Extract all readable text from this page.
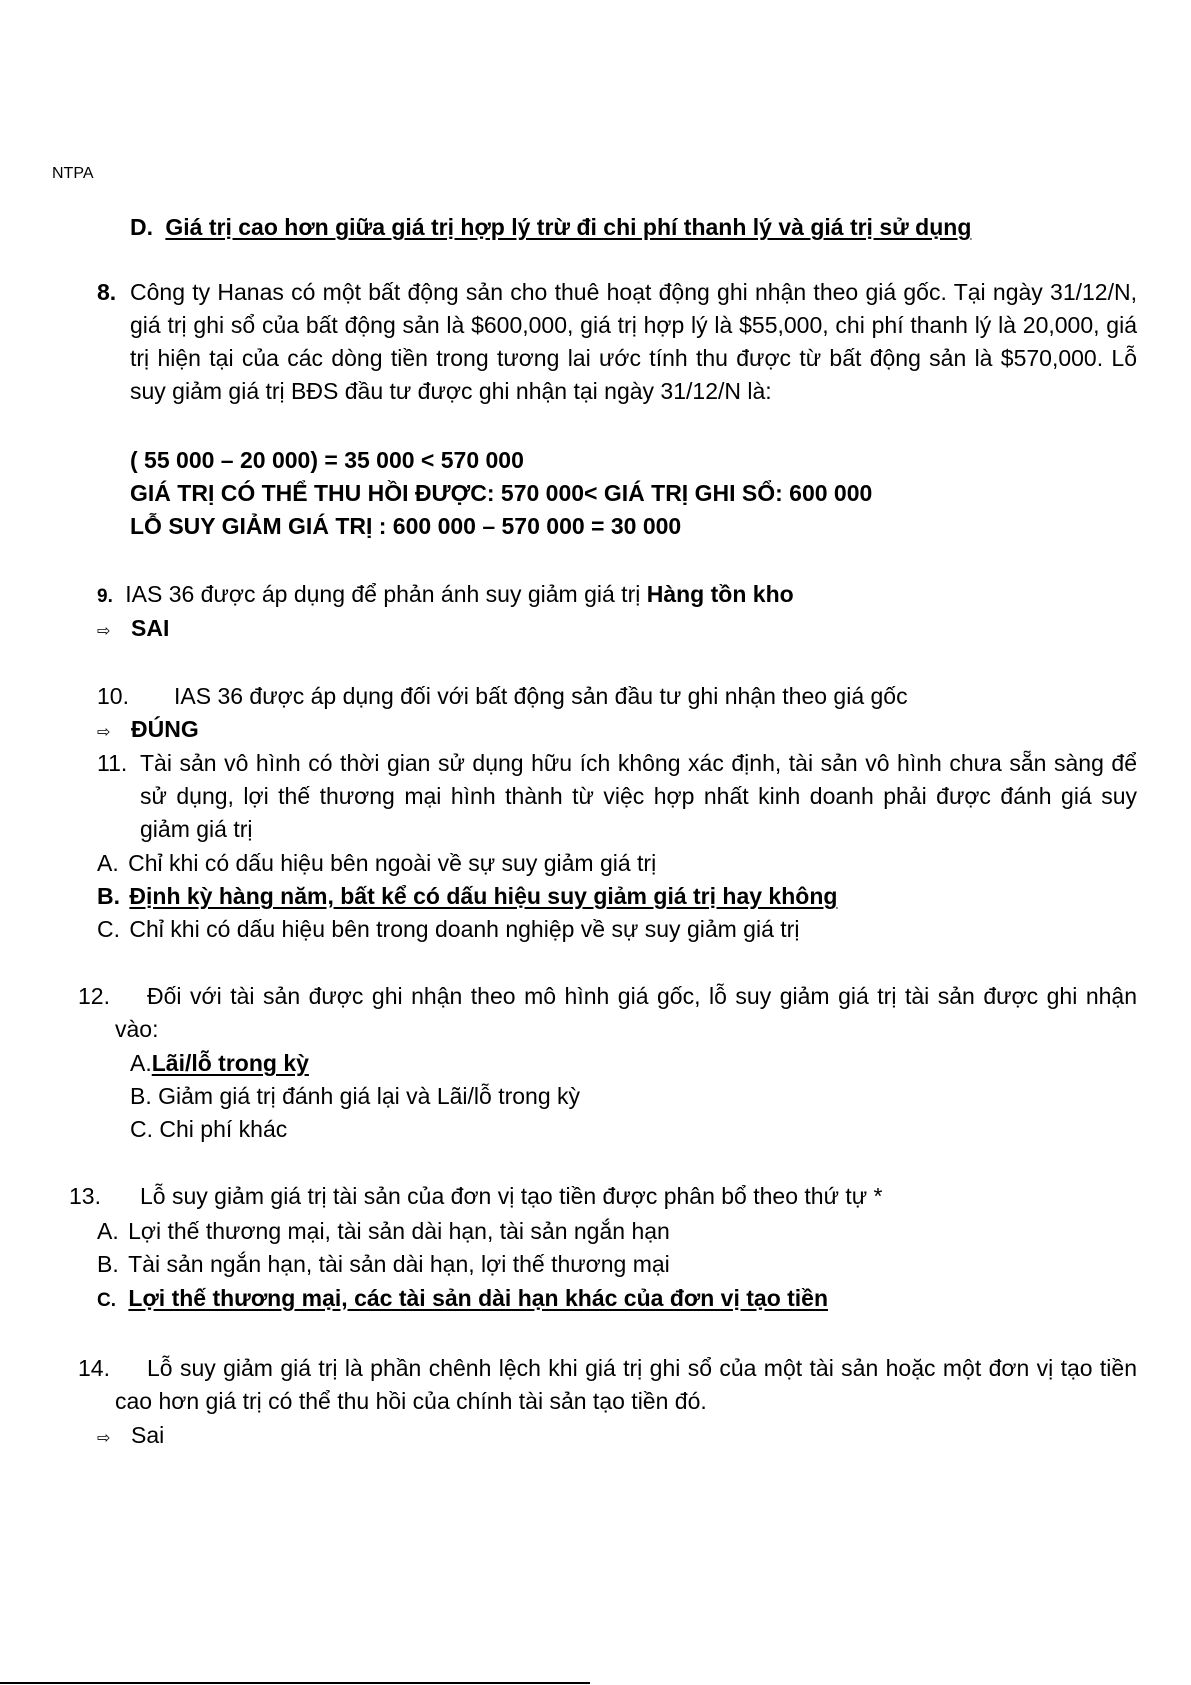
NTPA
D. Giá trị cao hơn giữa giá trị hợp lý trừ đi chi phí thanh lý và giá trị sử dụng
8. Công ty Hanas có một bất động sản cho thuê hoạt động ghi nhận theo giá gốc. Tại ngày 31/12/N, giá trị ghi sổ của bất động sản là $600,000, giá trị hợp lý là $55,000, chi phí thanh lý là 20,000, giá trị hiện tại của các dòng tiền trong tương lai ước tính thu được từ bất động sản là $570,000. Lỗ suy giảm giá trị BĐS đầu tư được ghi nhận tại ngày 31/12/N là:
( 55 000 – 20 000) = 35 000 < 570 000
GIÁ TRỊ CÓ THỂ THU HỒI ĐƯỢC: 570 000< GIÁ TRỊ GHI SỔ: 600 000
LỖ SUY GIẢM GIÁ TRỊ : 600 000 – 570 000 = 30 000
9. IAS 36 được áp dụng để phản ánh suy giảm giá trị Hàng tồn kho
⇨ SAI
10. IAS 36 được áp dụng đối với bất động sản đầu tư ghi nhận theo giá gốc
⇨ ĐÚNG
11. Tài sản vô hình có thời gian sử dụng hữu ích không xác định, tài sản vô hình chưa sẵn sàng để sử dụng, lợi thế thương mại hình thành từ việc hợp nhất kinh doanh phải được đánh giá suy giảm giá trị
A. Chỉ khi có dấu hiệu bên ngoài về sự suy giảm giá trị
B. Định kỳ hàng năm, bất kể có dấu hiệu suy giảm giá trị hay không
C. Chỉ khi có dấu hiệu bên trong doanh nghiệp về sự suy giảm giá trị
12.	Đối với tài sản được ghi nhận theo mô hình giá gốc, lỗ suy giảm giá trị tài sản được ghi nhận vào:
A.Lãi/lỗ trong kỳ
B. Giảm giá trị đánh giá lại và Lãi/lỗ trong kỳ
C. Chi phí khác
13. Lỗ suy giảm giá trị tài sản của đơn vị tạo tiền được phân bổ theo thứ tự *
A. Lợi thế thương mại, tài sản dài hạn, tài sản ngắn hạn
B. Tài sản ngắn hạn, tài sản dài hạn, lợi thế thương mại
C. Lợi thế thương mại, các tài sản dài hạn khác của đơn vị tạo tiền
14.	Lỗ suy giảm giá trị là phần chênh lệch khi giá trị ghi sổ của một tài sản hoặc một đơn vị tạo tiền cao hơn giá trị có thể thu hồi của chính tài sản tạo tiền đó.
⇨ Sai
